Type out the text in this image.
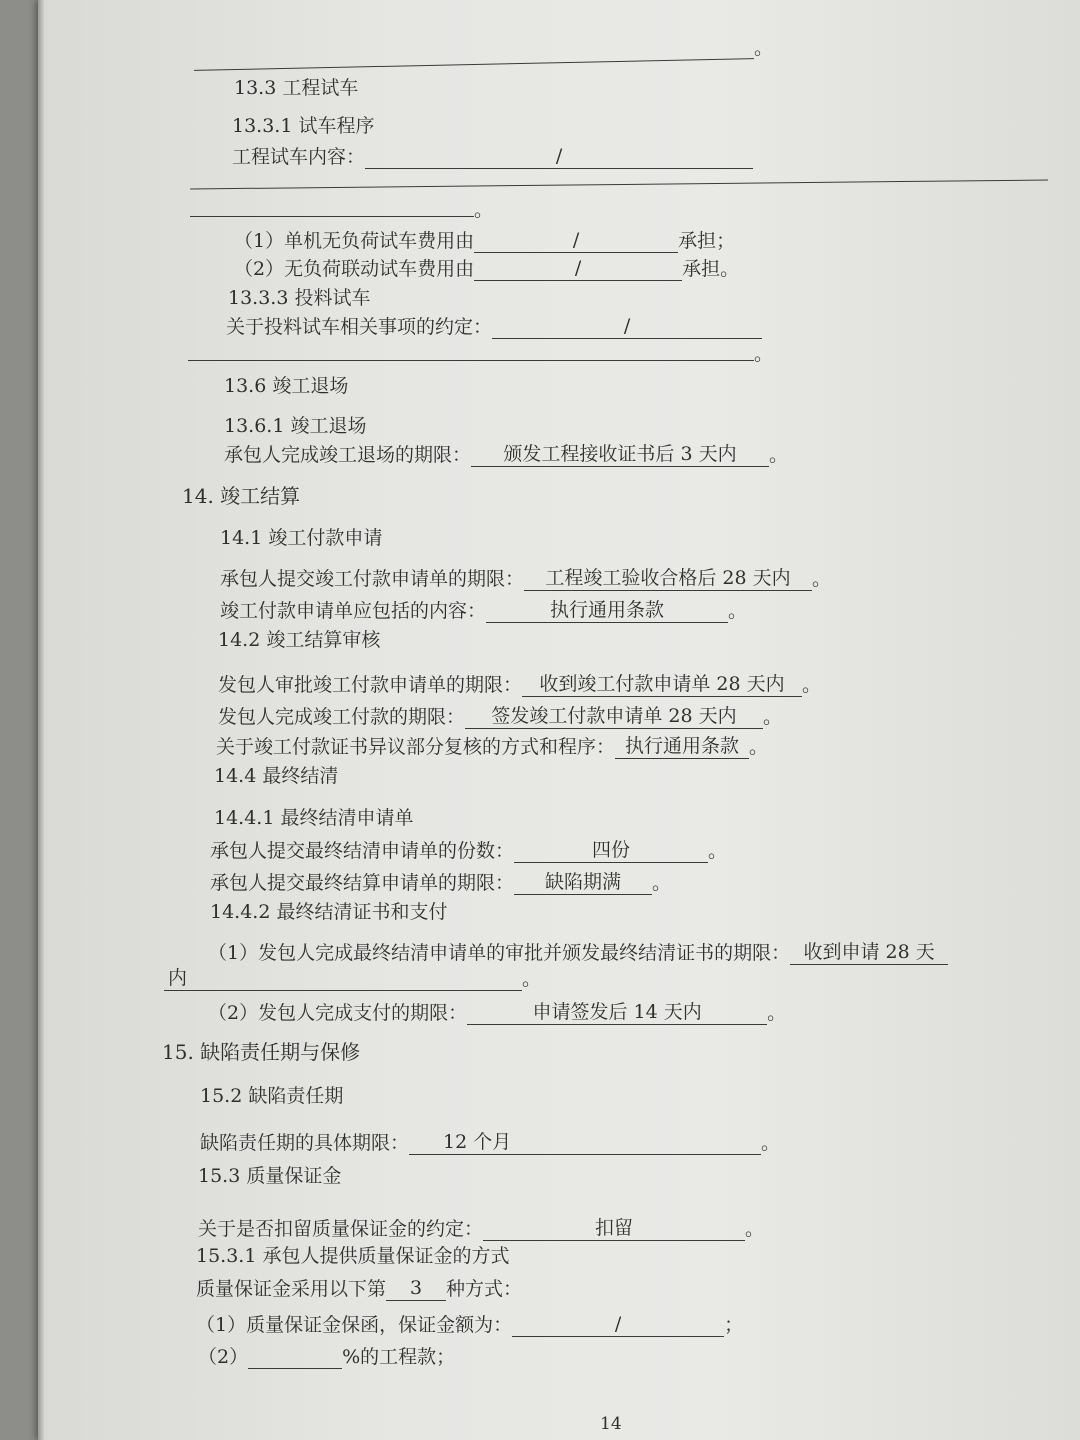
。
13.3 工程试车
13.3.1 试车程序
工程试车内容：	/
。
（1）单机无负荷试车费用由	/	承担；
（2）无负荷联动试车费用由	/	承担。
13.3.3 投料试车
关于投料试车相关事项的约定：	/
。
13.6 竣工退场
13.6.1 竣工退场
承包人完成竣工退场的期限： 颁发工程接收证书后 3 天内 。
14. 竣工结算
14.1 竣工付款申请
承包人提交竣工付款申请单的期限： 工程竣工验收合格后 28 天内 。
竣工付款申请单应包括的内容：	执行通用条款	。
14.2 竣工结算审核
发包人审批竣工付款申请单的期限： 收到竣工付款申请单 28 天内 。
发包人完成竣工付款的期限： 签发竣工付款申请单 28 天内 。
关于竣工付款证书异议部分复核的方式和程序： 执行通用条款 。
14.4 最终结清
14.4.1 最终结清申请单
承包人提交最终结清申请单的份数：	四份	。
承包人提交最终结算申请单的期限： 缺陷期满 。
14.4.2 最终结清证书和支付
（1）发包人完成最终结清申请单的审批并颁发最终结清证书的期限： 收到申请 28 天
内	。
（2）发包人完成支付的期限：	申请签发后 14 天内	。
15. 缺陷责任期与保修
15.2 缺陷责任期
缺陷责任期的具体期限： 12 个月	。
15.3 质量保证金
关于是否扣留质量保证金的约定：	扣留	。
15.3.1 承包人提供质量保证金的方式
质量保证金采用以下第 3 种方式：
（1）质量保证金保函，保证金额为：	/	；
（2）	%的工程款；
14
